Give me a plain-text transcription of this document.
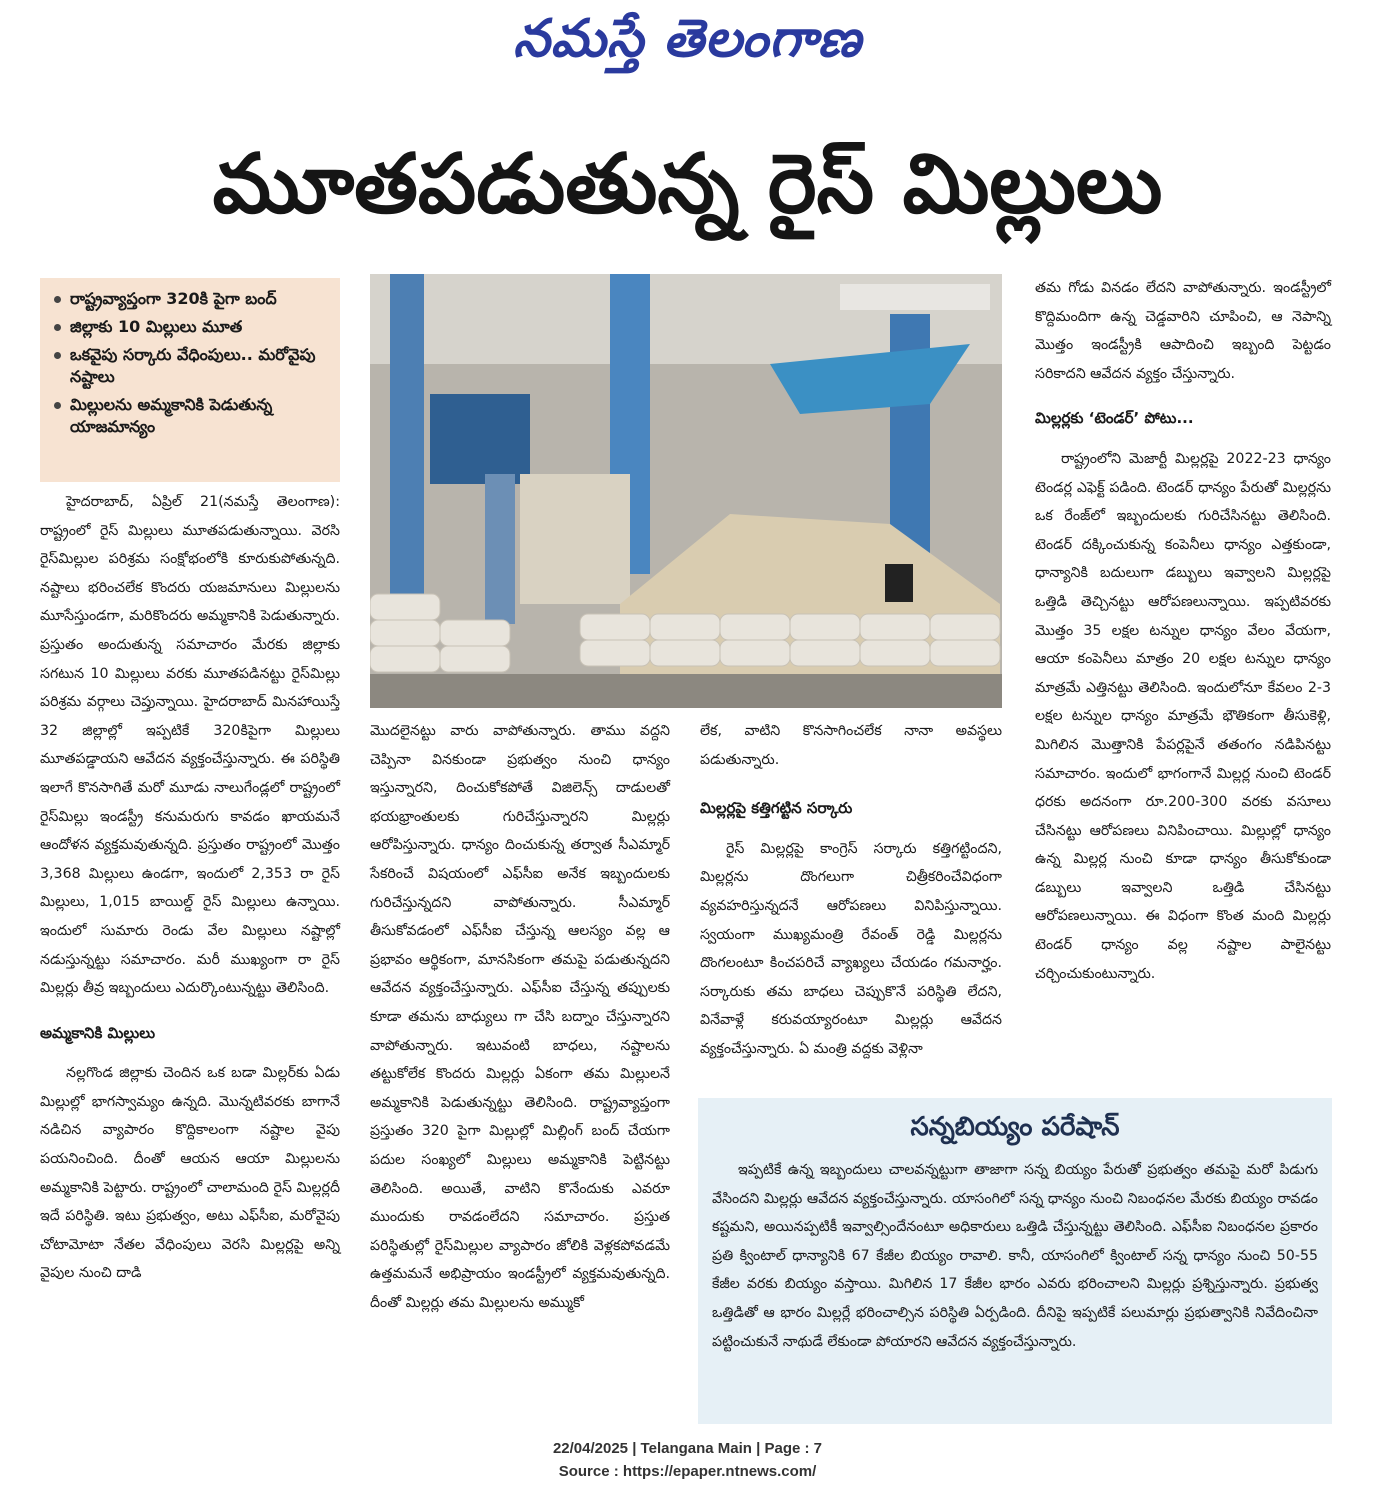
నమస్తే తెలంగాణ
మూతపడుతున్న రైస్ మిల్లులు
రాష్ట్రవ్యాప్తంగా 320కి పైగా బంద్
జిల్లాకు 10 మిల్లులు మూత
ఒకవైపు సర్కారు వేధింపులు.. మరోవైపు నష్టాలు
మిల్లులను అమ్మకానికి పెడుతున్న యాజమాన్యం

హైదరాబాద్, ఏప్రిల్ 21(నమస్తే తెలంగాణ): రాష్ట్రంలో రైస్ మిల్లులు మూతపడుతున్నాయి. వెరసి రైస్‌మిల్లుల పరిశ్రమ సంక్షోభంలోకి కూరుకుపోతున్నది. నష్టాలు భరించలేక కొందరు యజమానులు మిల్లులను మూసేస్తుండగా, మరికొందరు అమ్మకానికి పెడుతున్నారు. ప్రస్తుతం అందుతున్న సమాచారం మేరకు జిల్లాకు సగటున 10 మిల్లులు వరకు మూతపడినట్టు రైస్‌మిల్లు పరిశ్రమ వర్గాలు చెప్తున్నాయి. హైదరాబాద్ మినహాయిస్తే 32 జిల్లాల్లో ఇప్పటికే 320కిపైగా మిల్లులు మూతపడ్డాయని ఆవేదన వ్యక్తంచేస్తున్నారు. ఈ పరిస్థితి ఇలాగే కొనసాగితే మరో మూడు నాలుగేండ్లలో రాష్ట్రంలో రైస్‌మిల్లు ఇండస్ట్రీ కనుమరుగు కావడం ఖాయమనే ఆందోళన వ్యక్తమవుతున్నది. ప్రస్తుతం రాష్ట్రంలో మొత్తం 3,368 మిల్లులు ఉండగా, ఇందులో 2,353 రా రైస్ మిల్లులు, 1,015 బాయిల్డ్ రైస్ మిల్లులు ఉన్నాయి. ఇందులో సుమారు రెండు వేల మిల్లులు నష్టాల్లో నడుస్తున్నట్టు సమాచారం. మరీ ముఖ్యంగా రా రైస్ మిల్లర్లు తీవ్ర ఇబ్బందులు ఎదుర్కొంటున్నట్టు తెలిసింది.

అమ్మకానికి మిల్లులు

నల్లగొండ జిల్లాకు చెందిన ఒక బడా మిల్లర్‌కు ఏడు మిల్లుల్లో భాగస్వామ్యం ఉన్నది. మొన్నటివరకు బాగానే నడిచిన వ్యాపారం కొద్దికాలంగా నష్టాల వైపు పయనించింది. దీంతో ఆయన ఆయా మిల్లులను అమ్మకానికి పెట్టారు. రాష్ట్రంలో చాలామంది రైస్ మిల్లర్లదీ ఇదే పరిస్థితి. ఇటు ప్రభుత్వం, అటు ఎఫ్‌సీఐ, మరోవైపు చోటామోటా నేతల వేధింపులు వెరసి మిల్లర్లపై అన్ని వైపుల నుంచి దాడి

మొదలైనట్టు వారు వాపోతున్నారు. తాము వద్దని చెప్పినా వినకుండా ప్రభుత్వం నుంచి ధాన్యం ఇస్తున్నారని, దించుకోకపోతే విజిలెన్స్ దాడులతో భయభ్రాంతులకు గురిచేస్తున్నారని మిల్లర్లు ఆరోపిస్తున్నారు. ధాన్యం దించుకున్న తర్వాత సీఎమ్మార్ సేకరించే విషయంలో ఎఫ్‌సీఐ అనేక ఇబ్బందులకు గురిచేస్తున్నదని వాపోతున్నారు. సీఎమ్మార్ తీసుకోవడంలో ఎఫ్‌సీఐ చేస్తున్న ఆలస్యం వల్ల ఆ ప్రభావం ఆర్థికంగా, మానసికంగా తమపై పడుతున్నదని ఆవేదన వ్యక్తంచేస్తున్నారు. ఎఫ్‌సీఐ చేస్తున్న తప్పులకు కూడా తమను బాధ్యులు గా చేసి బద్నాం చేస్తున్నారని వాపోతున్నారు. ఇటువంటి బాధలు, నష్టాలను తట్టుకోలేక కొందరు మిల్లర్లు ఏకంగా తమ మిల్లులనే అమ్మకానికి పెడుతున్నట్టు తెలిసింది. రాష్ట్రవ్యాప్తంగా ప్రస్తుతం 320 పైగా మిల్లుల్లో మిల్లింగ్ బంద్ చేయగా పదుల సంఖ్యలో మిల్లులు అమ్మకానికి పెట్టినట్టు తెలిసింది. అయితే, వాటిని కొనేందుకు ఎవరూ ముందుకు రావడంలేదని సమాచారం. ప్రస్తుత పరిస్థితుల్లో రైస్‌మిల్లుల వ్యాపారం జోలికి వెళ్లకపోవడమే ఉత్తమమనే అభిప్రాయం ఇండస్ట్రీలో వ్యక్తమవుతున్నది. దీంతో మిల్లర్లు తమ మిల్లులను అమ్ముకో

లేక, వాటిని కొనసాగించలేక నానా అవస్థలు పడుతున్నారు.

మిల్లర్లపై కత్తిగట్టిన సర్కారు

రైస్ మిల్లర్లపై కాంగ్రెస్ సర్కారు కత్తిగట్టిందని, మిల్లర్లను దొంగలుగా చిత్రీకరించేవిధంగా వ్యవహరిస్తున్నదనే ఆరోపణలు వినిపిస్తున్నాయి. స్వయంగా ముఖ్యమంత్రి రేవంత్ రెడ్డి మిల్లర్లను దొంగలంటూ కించపరిచే వ్యాఖ్యలు చేయడం గమనార్హం. సర్కారుకు తమ బాధలు చెప్పుకొనే పరిస్థితి లేదని, వినేవాళ్లే కరువయ్యారంటూ మిల్లర్లు ఆవేదన వ్యక్తంచేస్తున్నారు. ఏ మంత్రి వద్దకు వెళ్లినా

తమ గోడు వినడం లేదని వాపోతున్నారు. ఇండస్ట్రీలో కొద్దిమందిగా ఉన్న చెడ్డవారిని చూపించి, ఆ నెపాన్ని మొత్తం ఇండస్ట్రీకి ఆపాదించి ఇబ్బంది పెట్టడం సరికాదని ఆవేదన వ్యక్తం చేస్తున్నారు.

మిల్లర్లకు ‘టెండర్’ పోటు...

రాష్ట్రంలోని మెజార్టీ మిల్లర్లపై 2022-23 ధాన్యం టెండర్ల ఎఫెక్ట్ పడింది. టెండర్ ధాన్యం పేరుతో మిల్లర్లను ఒక రేంజ్‌లో ఇబ్బందులకు గురిచేసినట్టు తెలిసింది. టెండర్ దక్కించుకున్న కంపెనీలు ధాన్యం ఎత్తకుండా, ధాన్యానికి బదులుగా డబ్బులు ఇవ్వాలని మిల్లర్లపై ఒత్తిడి తెచ్చినట్టు ఆరోపణలున్నాయి. ఇప్పటివరకు మొత్తం 35 లక్షల టన్నుల ధాన్యం వేలం వేయగా, ఆయా కంపెనీలు మాత్రం 20 లక్షల టన్నుల ధాన్యం మాత్రమే ఎత్తినట్టు తెలిసింది. ఇందులోనూ కేవలం 2-3 లక్షల టన్నుల ధాన్యం మాత్రమే భౌతికంగా తీసుకెళ్లి, మిగిలిన మొత్తానికి పేపర్లపైనే తతంగం నడిపినట్టు సమాచారం. ఇందులో భాగంగానే మిల్లర్ల నుంచి టెండర్ ధరకు అదనంగా రూ.200-300 వరకు వసూలు చేసినట్టు ఆరోపణలు వినిపించాయి. మిల్లుల్లో ధాన్యం ఉన్న మిల్లర్ల నుంచి కూడా ధాన్యం తీసుకోకుండా డబ్బులు ఇవ్వాలని ఒత్తిడి చేసినట్టు ఆరోపణలున్నాయి. ఈ విధంగా కొంత మంది మిల్లర్లు టెండర్ ధాన్యం వల్ల నష్టాల పాలైనట్టు చర్చించుకుంటున్నారు.

సన్నబియ్యం పరేషాన్
ఇప్పటికే ఉన్న ఇబ్బందులు చాలవన్నట్టుగా తాజాగా సన్న బియ్యం పేరుతో ప్రభుత్వం తమపై మరో పిడుగు వేసిందని మిల్లర్లు ఆవేదన వ్యక్తంచేస్తున్నారు. యాసంగిలో సన్న ధాన్యం నుంచి నిబంధనల మేరకు బియ్యం రావడం కష్టమని, అయినప్పటికీ ఇవ్వాల్సిందేనంటూ అధికారులు ఒత్తిడి చేస్తున్నట్టు తెలిసింది. ఎఫ్‌సీఐ నిబంధనల ప్రకారం ప్రతి క్వింటాల్ ధాన్యానికి 67 కేజీల బియ్యం రావాలి. కానీ, యాసంగిలో క్వింటాల్ సన్న ధాన్యం నుంచి 50-55 కేజీల వరకు బియ్యం వస్తాయి. మిగిలిన 17 కేజీల భారం ఎవరు భరించాలని మిల్లర్లు ప్రశ్నిస్తున్నారు. ప్రభుత్వ ఒత్తిడితో ఆ భారం మిల్లర్లే భరించాల్సిన పరిస్థితి ఏర్పడింది. దీనిపై ఇప్పటికే పలుమార్లు ప్రభుత్వానికి నివేదించినా పట్టించుకునే నాథుడే లేకుండా పోయారని ఆవేదన వ్యక్తంచేస్తున్నారు.
22/04/2025 | Telangana Main | Page : 7
Source : https://epaper.ntnews.com/
